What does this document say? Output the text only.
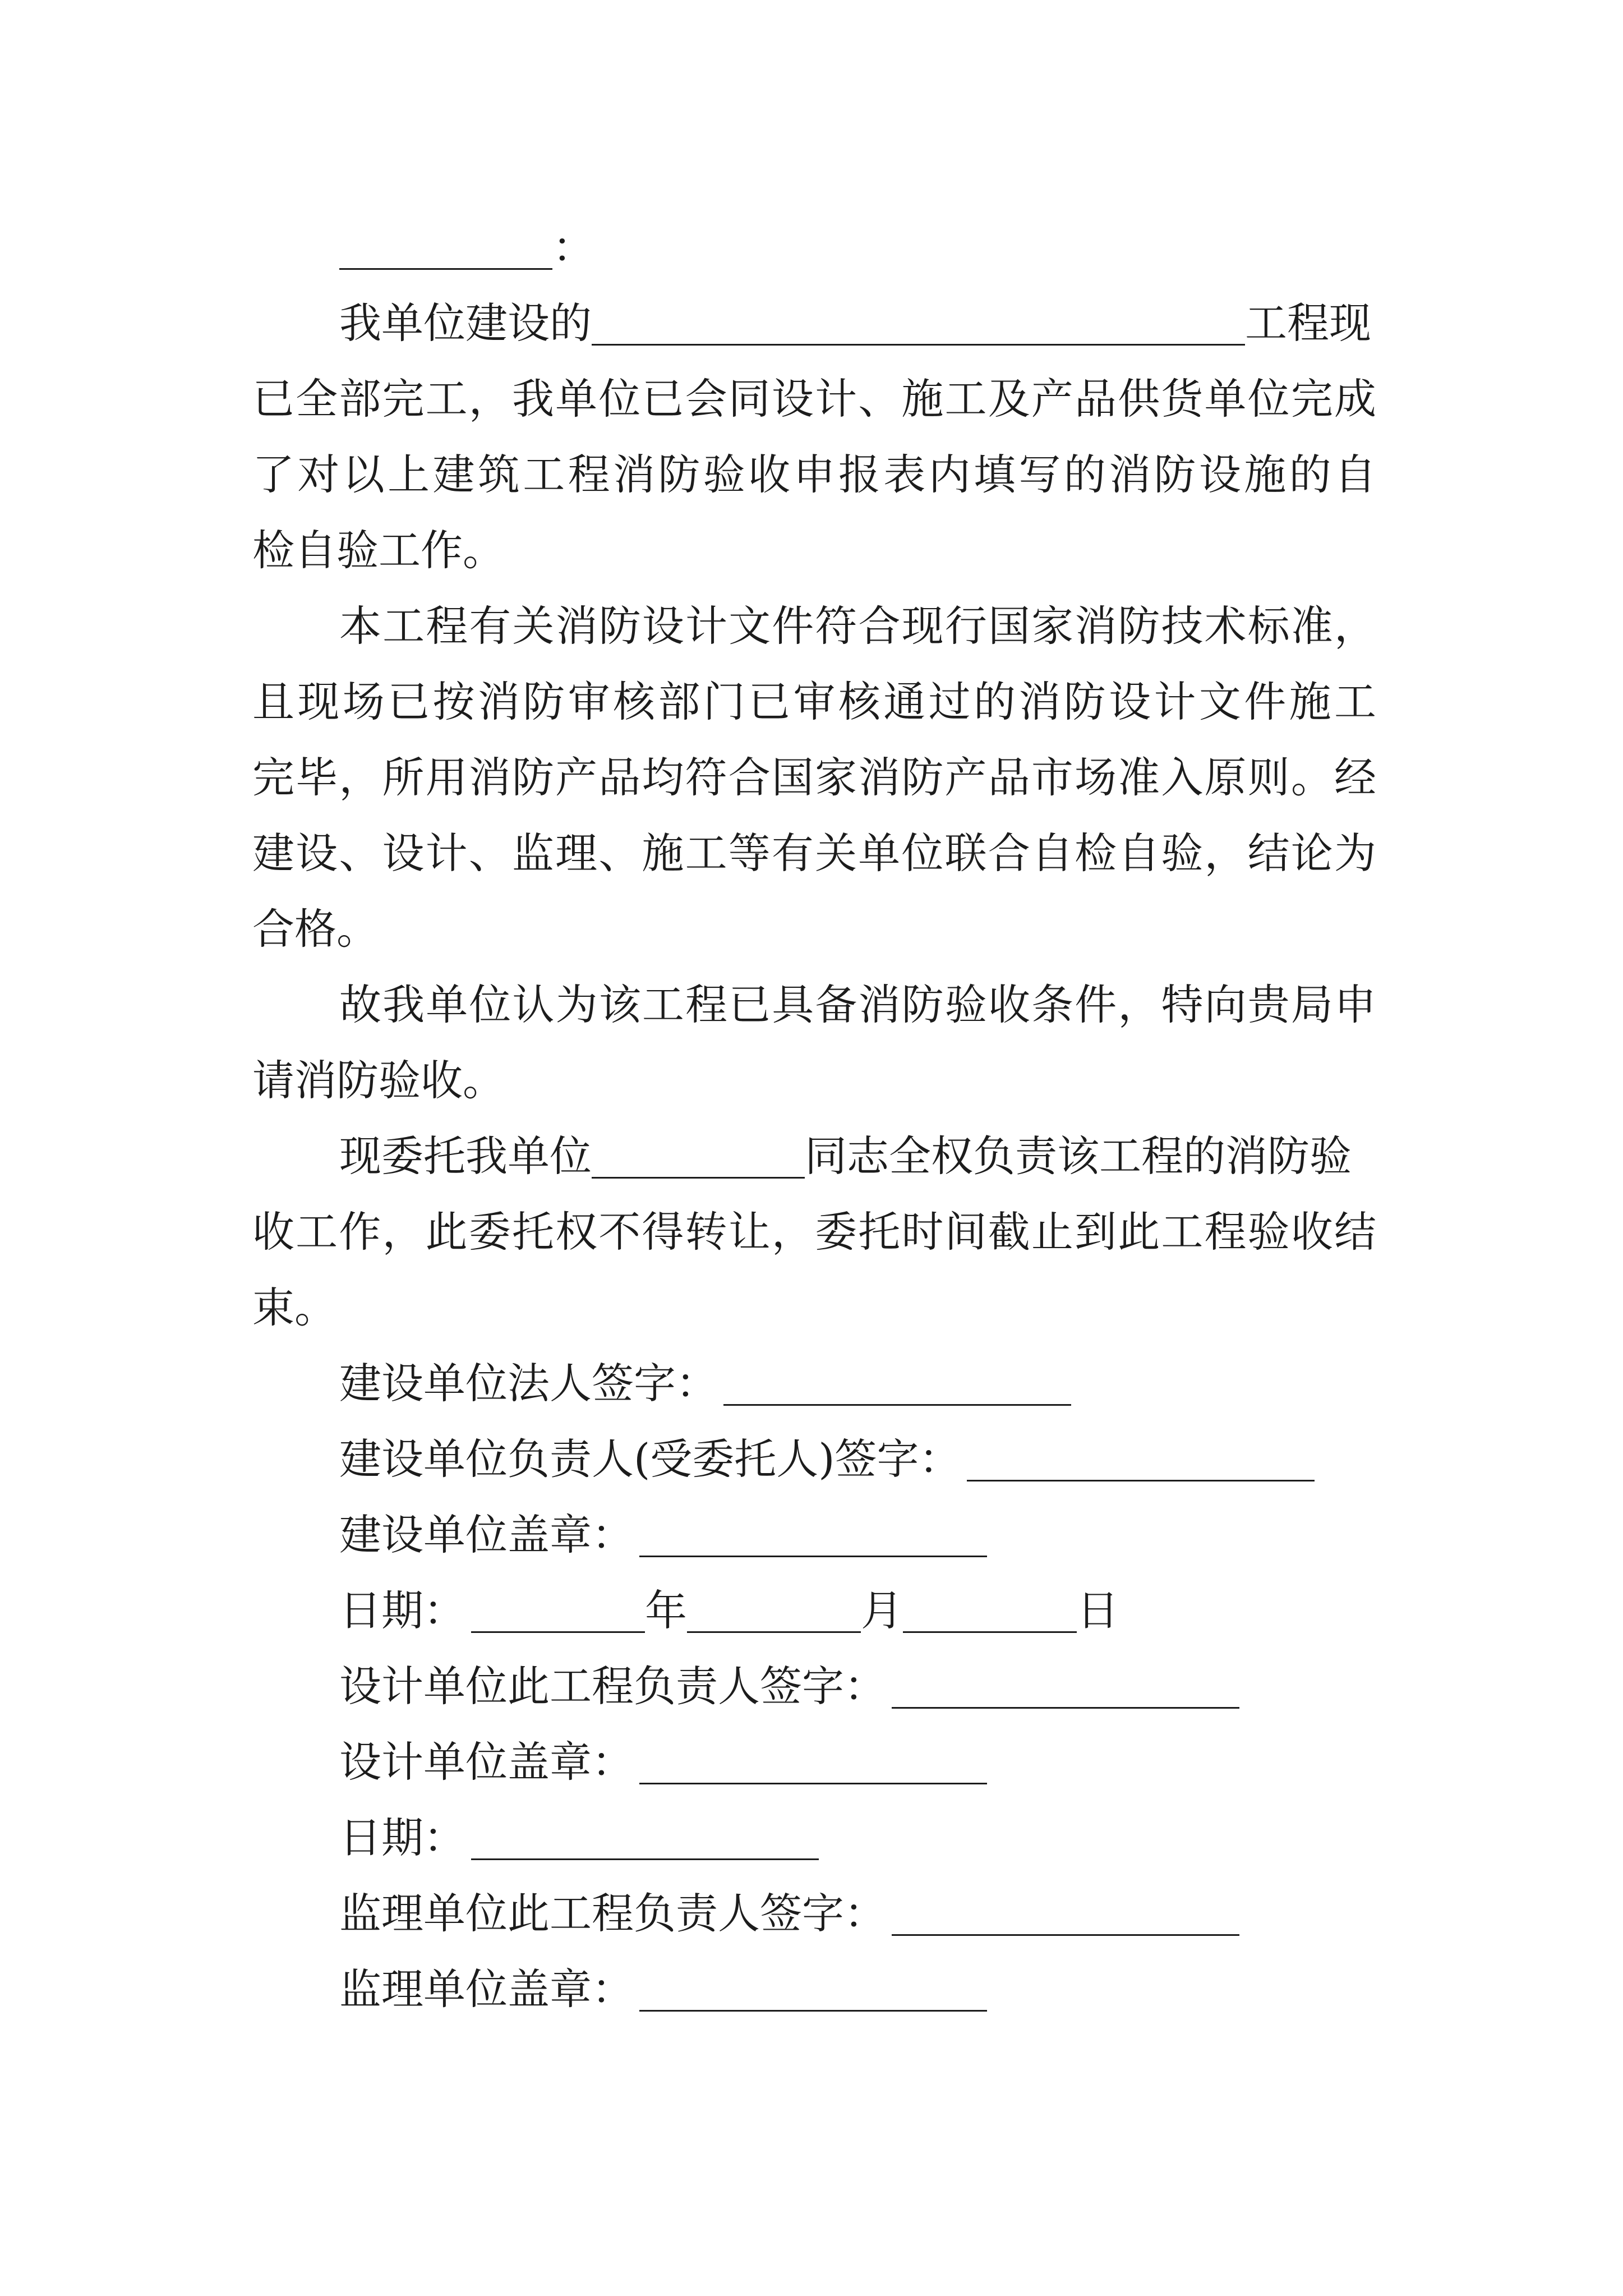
：
我单位建设的	工程现
已全部完工，我单位已会同设计、施工及产品供货单位完成
了对以上建筑工程消防验收申报表内填写的消防设施的自
检自验工作。
本工程有关消防设计文件符合现行国家消防技术标准，
且现场已按消防审核部门已审核通过的消防设计文件施工
完毕，所用消防产品均符合国家消防产品市场准入原则。经
建设、设计、监理、施工等有关单位联合自检自验，结论为
合格。
故我单位认为该工程已具备消防验收条件，特向贵局申
请消防验收。
现委托我单位	同志全权负责该工程的消防验
收工作，此委托权不得转让，委托时间截止到此工程验收结
束。
建设单位法人签字：
建设单位负责人(受委托人)签字：
建设单位盖章：
日期：	年	月	日
设计单位此工程负责人签字：
设计单位盖章：
日期：
监理单位此工程负责人签字：
监理单位盖章：
